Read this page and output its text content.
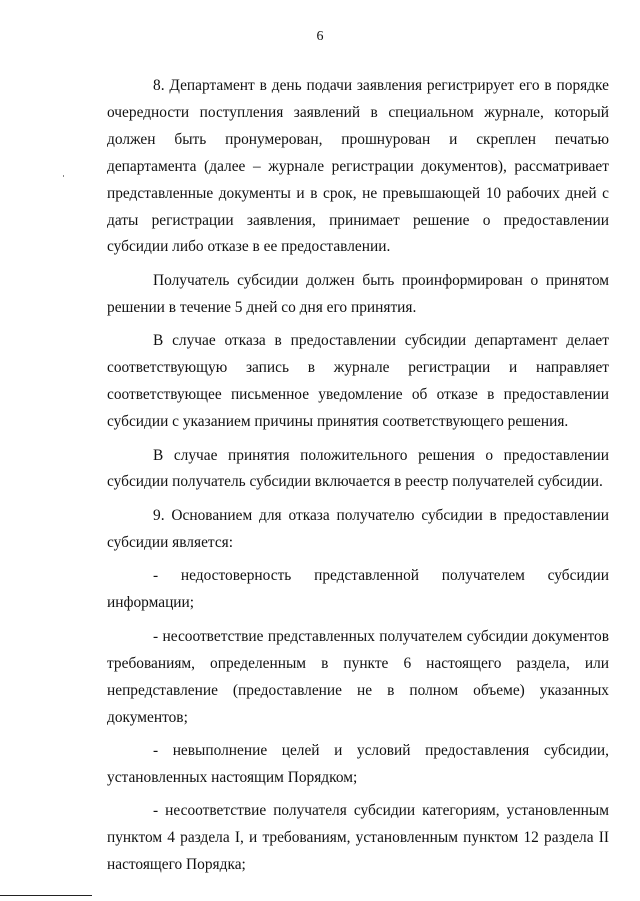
6

8. Департамент в день подачи заявления регистрирует его в порядке очередности поступления заявлений в специальном журнале, который должен быть пронумерован, прошнурован и скреплен печатью департамента (далее – журнале регистрации документов), рассматривает представленные документы и в срок, не превышающей 10 рабочих дней с даты регистрации заявления, принимает решение о предоставлении субсидии либо отказе в ее предоставлении.

Получатель субсидии должен быть проинформирован о принятом решении в течение 5 дней со дня его принятия.

В случае отказа в предоставлении субсидии департамент делает соответствующую запись в журнале регистрации и направляет соответствующее письменное уведомление об отказе в предоставлении субсидии с указанием причины принятия соответствующего решения.

В случае принятия положительного решения о предоставлении субсидии получатель субсидии включается в реестр получателей субсидии.

9. Основанием для отказа получателю субсидии в предоставлении субсидии является:

- недостоверность представленной получателем субсидии информации;

- несоответствие представленных получателем субсидии документов требованиям, определенным в пункте 6 настоящего раздела, или непредставление (предоставление не в полном объеме) указанных документов;

- невыполнение целей и условий предоставления субсидии, установленных настоящим Порядком;

- несоответствие получателя субсидии категориям, установленным пунктом 4 раздела I, и требованиям, установленным пунктом 12 раздела II настоящего Порядка;
